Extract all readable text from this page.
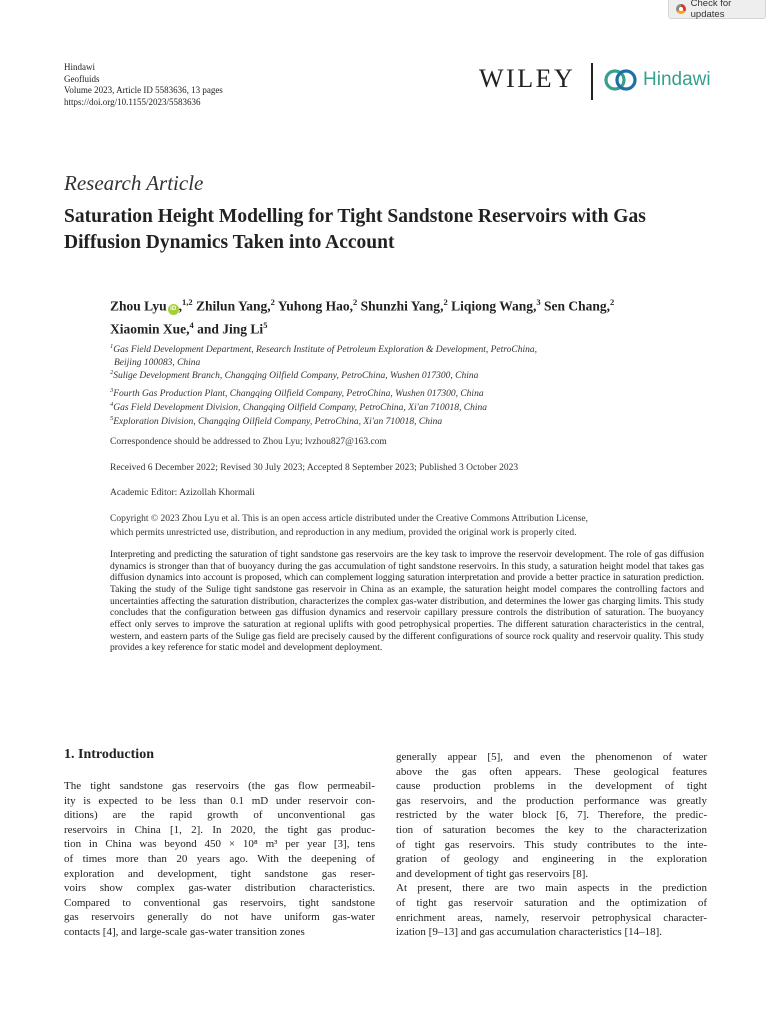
Check for updates
Hindawi
Geofluids
Volume 2023, Article ID 5583636, 13 pages
https://doi.org/10.1155/2023/5583636
WILEY	Hindawi
Research Article
Saturation Height Modelling for Tight Sandstone Reservoirs with Gas Diffusion Dynamics Taken into Account
Zhou Lyu iD ,$^{1,2}$ Zhilun Yang,$^2$ Yuhong Hao,$^2$ Shunzhi Yang,$^2$ Liqiong Wang,$^3$ Sen Chang,$^2$
Xiaomin Xue,$^4$ and Jing Li$^5$
$^1$Gas Field Development Department, Research Institute of Petroleum Exploration & Development, PetroChina,
Beijing 100083, China
$^2$Sulige Development Branch, Changqing Oilfield Company, PetroChina, Wushen 017300, China
$^3$Fourth Gas Production Plant, Changqing Oilfield Company, PetroChina, Wushen 017300, China
$^4$Gas Field Development Division, Changqing Oilfield Company, PetroChina, Xi'an 710018, China
$^5$Exploration Division, Changqing Oilfield Company, PetroChina, Xi'an 710018, China
Correspondence should be addressed to Zhou Lyu; lvzhou827@163.com
Received 6 December 2022; Revised 30 July 2023; Accepted 8 September 2023; Published 3 October 2023
Academic Editor: Azizollah Khormali
Copyright © 2023 Zhou Lyu et al. This is an open access article distributed under the Creative Commons Attribution License,
which permits unrestricted use, distribution, and reproduction in any medium, provided the original work is properly cited.
Interpreting and predicting the saturation of tight sandstone gas reservoirs are the key task to improve the reservoir development. The role of gas diffusion dynamics is stronger than that of buoyancy during the gas accumulation of tight sandstone reservoirs. In this study, a saturation height model that takes gas diffusion dynamics into account is proposed, which can complement logging saturation interpretation and provide a better practice in saturation prediction. Taking the study of the Sulige tight sandstone gas reservoir in China as an example, the saturation height model compares the controlling factors and uncertainties affecting the saturation distribution, characterizes the complex gas-water distribution, and determines the lower gas charging limits. This study concludes that the configuration between gas diffusion dynamics and reservoir capillary pressure controls the distribution of saturation. The buoyancy effect only serves to improve the saturation at regional uplifts with good petrophysical properties. The different saturation characteristics in the central, western, and eastern parts of the Sulige gas field are precisely caused by the different configurations of source rock quality and reservoir quality. This study provides a key reference for static model and development deployment.
1. Introduction
The tight sandstone gas reservoirs (the gas flow permeabil-
ity is expected to be less than 0.1 mD under reservoir con-
ditions) are the rapid growth of unconventional gas
reservoirs in China [1, 2]. In 2020, the tight gas produc-
tion in China was beyond 450 × 10⁸ m³ per year [3], tens
of times more than 20 years ago. With the deepening of
exploration and development, tight sandstone gas reser-
voirs show complex gas-water distribution characteristics.
Compared to conventional gas reservoirs, tight sandstone
gas reservoirs generally do not have uniform gas-water
contacts [4], and large-scale gas-water transition zones
generally appear [5], and even the phenomenon of water
above the gas often appears. These geological features
cause production problems in the development of tight
gas reservoirs, and the production performance was greatly
restricted by the water block [6, 7]. Therefore, the predic-
tion of saturation becomes the key to the characterization
of tight gas reservoirs. This study contributes to the inte-
gration of geology and engineering in the exploration
and development of tight gas reservoirs [8].
At present, there are two main aspects in the prediction
of tight gas reservoir saturation and the optimization of
enrichment areas, namely, reservoir petrophysical character-
ization [9–13] and gas accumulation characteristics [14–18].
